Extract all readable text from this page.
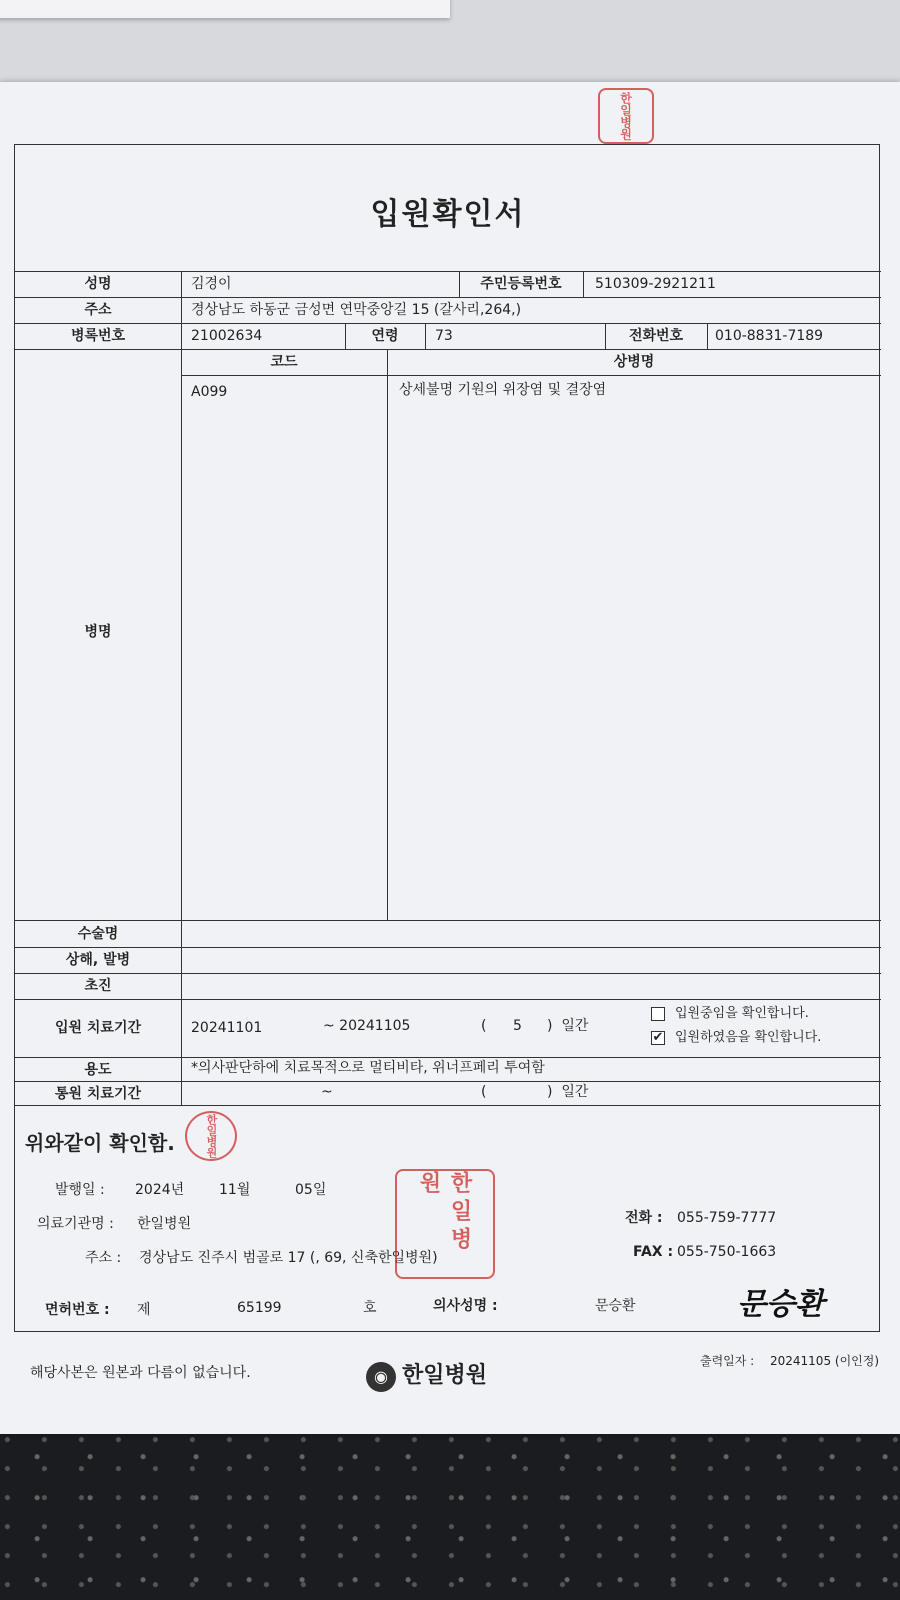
한일병원
입원확인서
성명	김경이	주민등록번호	510309-2921211
주소	경상남도 하동군 금성면 연막중앙길 15 (갈사리,264,)
병록번호	21002634	연령	73	전화번호	010-8831-7189
병명
코드	상병명
A099	상세불명 기원의 위장염 및 결장염
수술명
상해, 발병
초진
입원 치료기간	20241101	~ 20241105	( 5 )  일간
입원중임을 확인합니다.
✔ 입원하였음을 확인합니다.
용도	*의사판단하에 치료목적으로 멀티비타, 위너프페리 투여함
통원 치료기간	~	(	)  일간
위와같이 확인함.	한일병원
발행일 : 2024년 11월	05일
의료기관명 : 한일병원
주소 : 경상남도 진주시 범골로 17 (, 69, 신축한일병원)
전화 : 055-759-7777
FAX : 055-750-1663
한일병원
면허번호 : 제	65199	호	의사성명 :	문승환	문승환
해당사본은 원본과 다름이 없습니다.	◉ 한일병원
출력일자 : 20241105 (이인정)
